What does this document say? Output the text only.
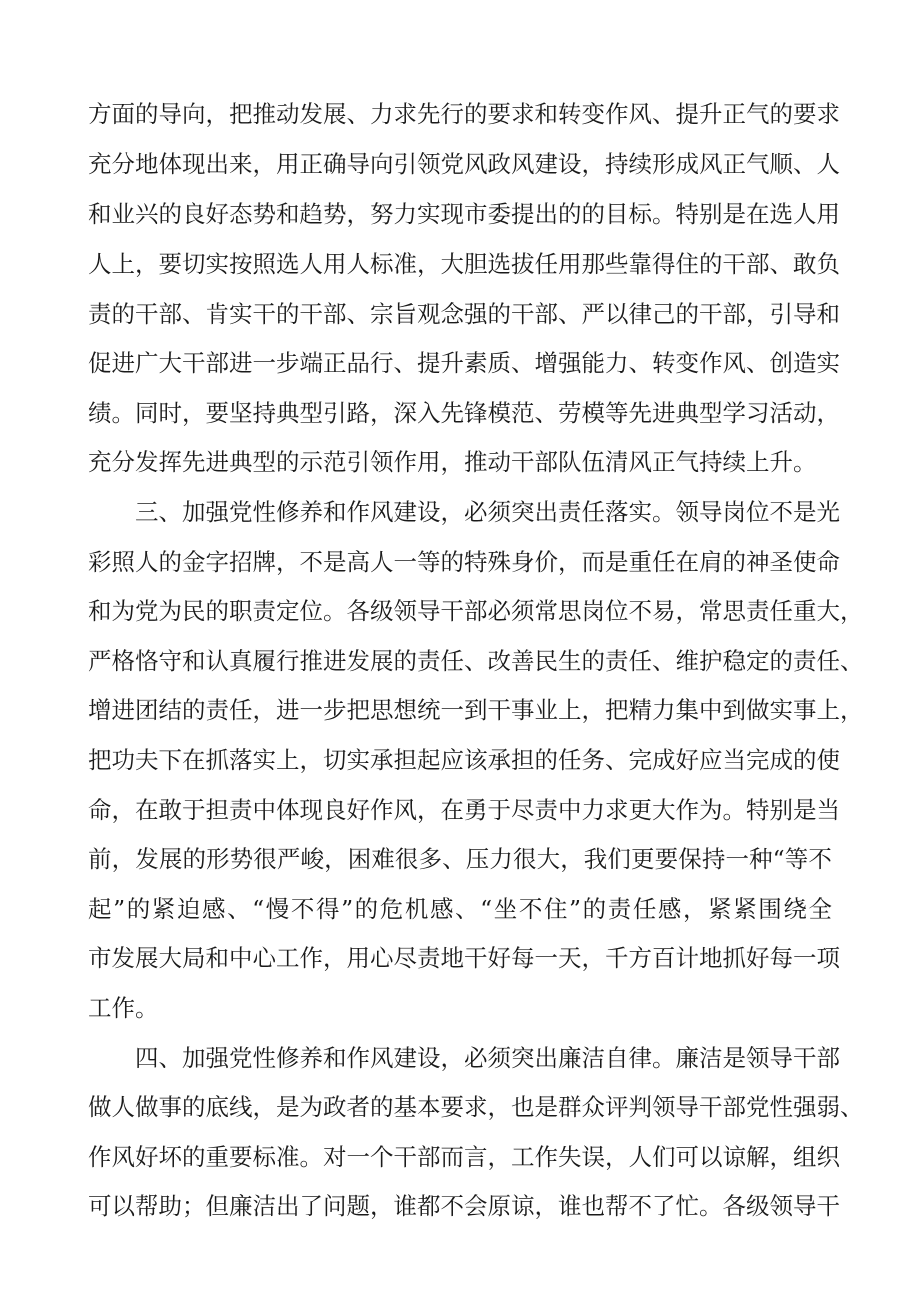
方 面 的 导 向 ， 把 推 动 发 展 、 力 求 先 行 的 要 求 和 转 变 作 风 、 提 升 正 气 的 要 求
充 分 地 体 现 出 来 ， 用 正 确 导 向 引 领 党 风 政 风 建 设 ， 持 续 形 成 风 正 气 顺 、 人
和 业 兴 的 良 好 态 势 和 趋 势 ， 努 力 实 现 市 委 提 出 的 的 目 标 。 特 别 是 在 选 人 用
人 上 ， 要 切 实 按 照 选 人 用 人 标 准 ， 大 胆 选 拔 任 用 那 些 靠 得 住 的 干 部 、 敢 负
责 的 干 部 、 肯 实 干 的 干 部 、 宗 旨 观 念 强 的 干 部 、 严 以 律 己 的 干 部 ， 引 导 和
促 进 广 大 干 部 进 一 步 端 正 品 行 、 提 升 素 质 、 增 强 能 力 、 转 变 作 风 、 创 造 实
绩 。 同 时 ， 要 坚 持 典 型 引 路 ， 深 入 先 锋 模 范 、 劳 模 等 先 进 典 型 学 习 活 动 ，
充分发挥先进典型的示范引领作用，推动干部队伍清风正气持续上升。
三 、 加 强 党 性 修 养 和 作 风 建 设 ， 必 须 突 出 责 任 落 实 。 领 导 岗 位 不 是 光
彩 照 人 的 金 字 招 牌 ， 不 是 高 人 一 等 的 特 殊 身 价 ， 而 是 重 任 在 肩 的 神 圣 使 命
和 为 党 为 民 的 职 责 定 位 。 各 级 领 导 干 部 必 须 常 思 岗 位 不 易 ， 常 思 责 任 重 大 ，
严 格 恪 守 和 认 真 履 行 推 进 发 展 的 责 任 、 改 善 民 生 的 责 任 、 维 护 稳 定 的 责 任 、
增 进 团 结 的 责 任 ， 进 一 步 把 思 想 统 一 到 干 事 业 上 ， 把 精 力 集 中 到 做 实 事 上 ，
把 功 夫 下 在 抓 落 实 上 ， 切 实 承 担 起 应 该 承 担 的 任 务 、 完 成 好 应 当 完 成 的 使
命 ， 在 敢 于 担 责 中 体 现 良 好 作 风 ， 在 勇 于 尽 责 中 力 求 更 大 作 为 。 特 别 是 当
前 ， 发 展 的 形 势 很 严 峻 ， 困 难 很 多 、 压 力 很 大 ， 我 们 更 要 保 持 一 种 “ 等 不
起 ” 的 紧 迫 感 、 “ 慢 不 得 ” 的 危 机 感 、 “ 坐 不 住 ” 的 责 任 感 ， 紧 紧 围 绕 全
市 发 展 大 局 和 中 心 工 作 ， 用 心 尽 责 地 干 好 每 一 天 ， 千 方 百 计 地 抓 好 每 一 项
工作。
四 、 加 强 党 性 修 养 和 作 风 建 设 ， 必 须 突 出 廉 洁 自 律 。 廉 洁 是 领 导 干 部
做 人 做 事 的 底 线 ， 是 为 政 者 的 基 本 要 求 ， 也 是 群 众 评 判 领 导 干 部 党 性 强 弱 、
作 风 好 坏 的 重 要 标 准 。 对 一 个 干 部 而 言 ， 工 作 失 误 ， 人 们 可 以 谅 解 ， 组 织
可 以 帮 助 ； 但 廉 洁 出 了 问 题 ， 谁 都 不 会 原 谅 ， 谁 也 帮 不 了 忙 。 各 级 领 导 干
